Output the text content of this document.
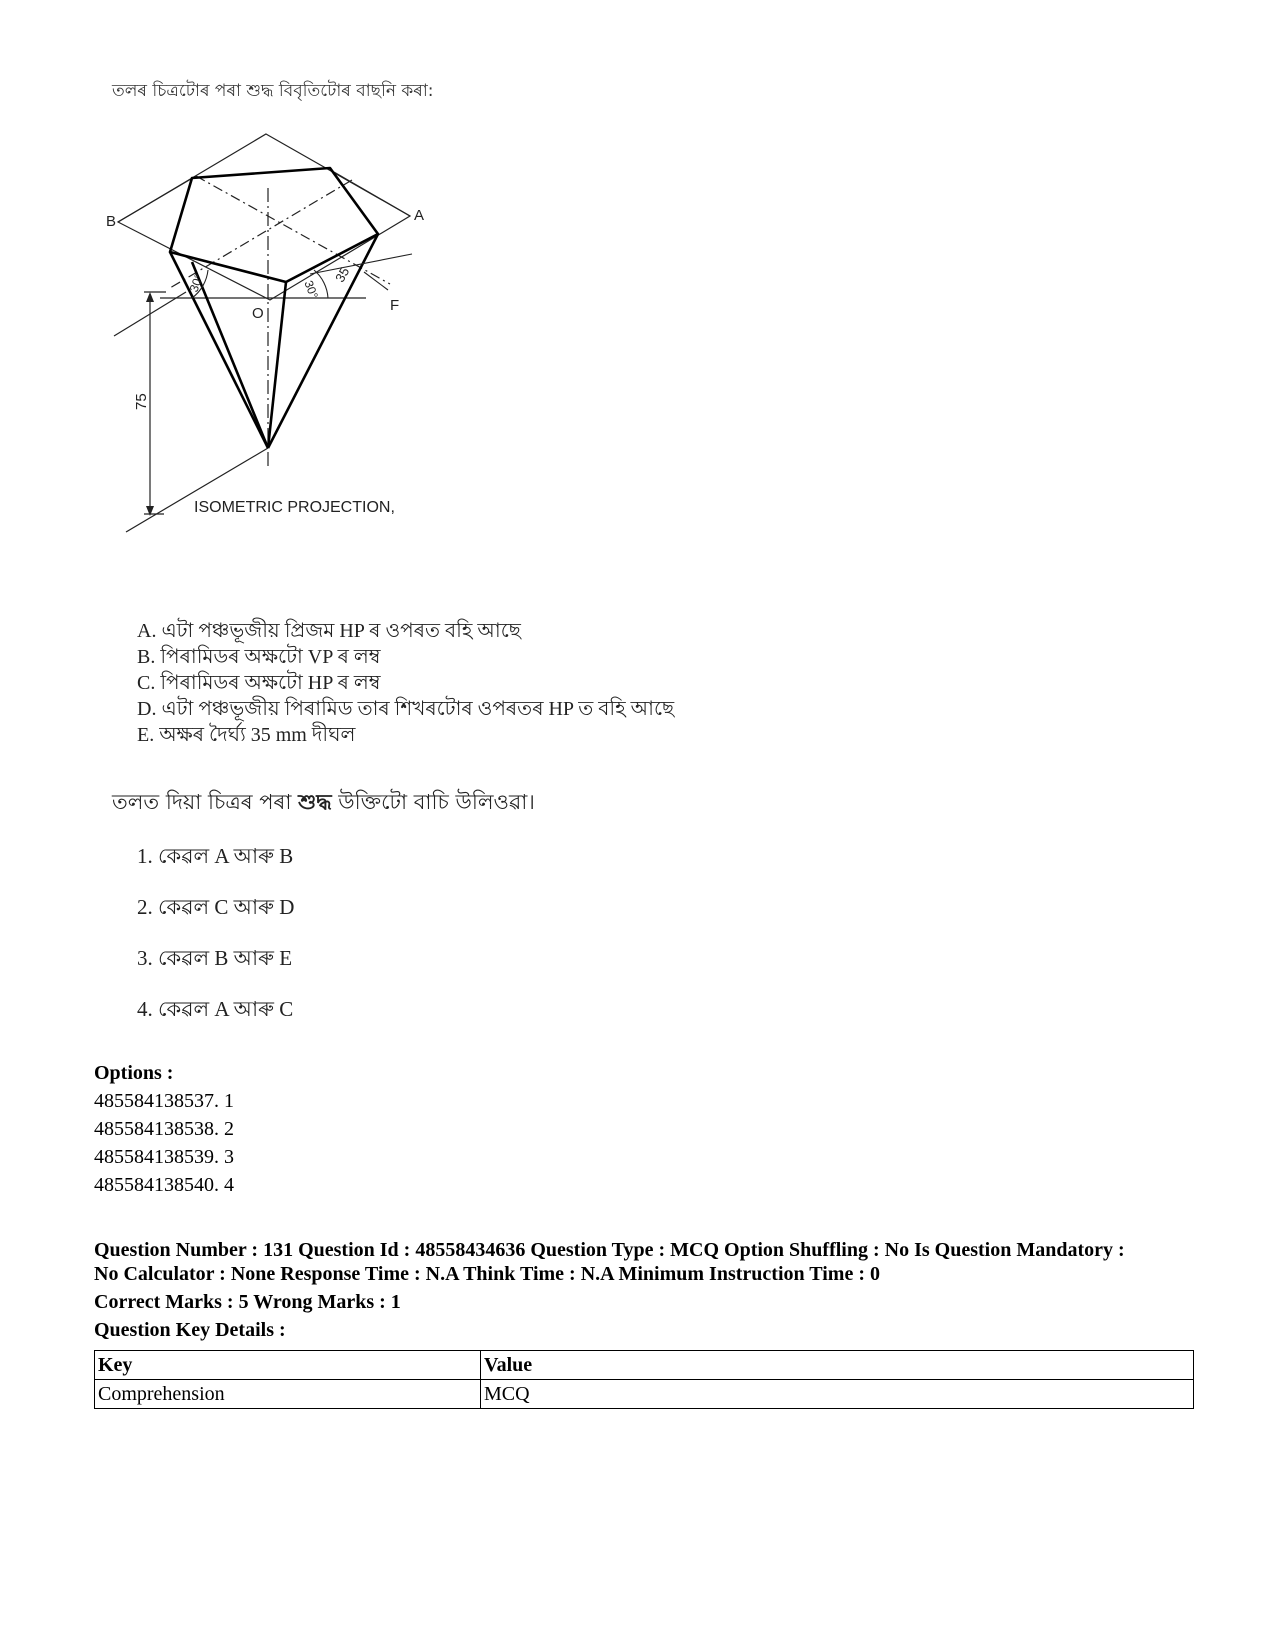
তলৰ চিত্ৰটোৰ পৰা শুদ্ধ বিবৃতিটোৰ বাছনি কৰা:
B	A
O	F
75
35
30°	30°
ISOMETRIC PROJECTION,
A. এটা পঞ্চভূজীয় প্ৰিজম HP ৰ ওপৰত বহি আছে
B. পিৰামিডৰ অক্ষটো VP ৰ লম্ব
C. পিৰামিডৰ অক্ষটো HP ৰ লম্ব
D. এটা পঞ্চভূজীয় পিৰামিড তাৰ শিখৰটোৰ ওপৰতৰ HP ত বহি আছে
E. অক্ষৰ দৈৰ্ঘ্য 35 mm দীঘল
তলত দিয়া চিত্ৰৰ পৰা শুদ্ধ উক্তিটো বাচি উলিওৱা।
1. কেৱল A আৰু B
2. কেৱল C আৰু D
3. কেৱল B আৰু E
4. কেৱল A আৰু C
Options :
485584138537. 1
485584138538. 2
485584138539. 3
485584138540. 4
Question Number : 131 Question Id : 48558434636 Question Type : MCQ Option Shuffling : No Is Question Mandatory :
No Calculator : None Response Time : N.A Think Time : N.A Minimum Instruction Time : 0
Correct Marks : 5 Wrong Marks : 1
Question Key Details :
Key	Value
Comprehension	MCQ
